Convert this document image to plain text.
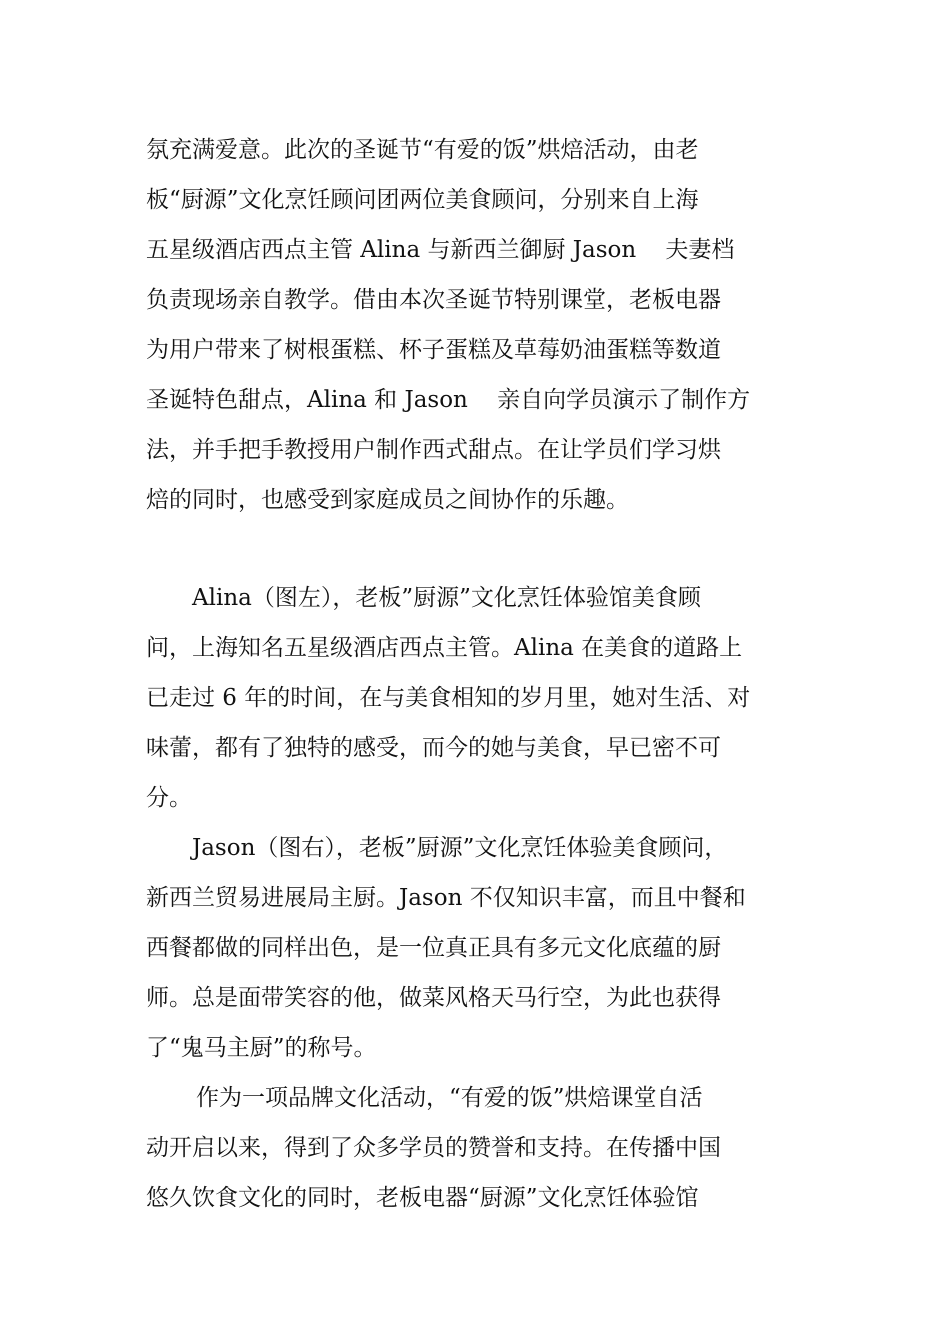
氛充满爱意。此次的圣诞节“有爱的饭”烘焙活动，由老
板“厨源”文化烹饪顾问团两位美食顾问，分别来自上海
五星级酒店西点主管 Alina 与新西兰御厨 Jason    夫妻档
负责现场亲自教学。借由本次圣诞节特别课堂，老板电器
为用户带来了树根蛋糕、杯子蛋糕及草莓奶油蛋糕等数道
圣诞特色甜点，Alina 和 Jason    亲自向学员演示了制作方
法，并手把手教授用户制作西式甜点。在让学员们学习烘
焙的同时，也感受到家庭成员之间协作的乐趣。
Alina（图左），老板”厨源”文化烹饪体验馆美食顾
问，上海知名五星级酒店西点主管。Alina 在美食的道路上
已走过 6 年的时间，在与美食相知的岁月里，她对生活、对
味蕾，都有了独特的感受，而今的她与美食，早已密不可
分。
Jason（图右），老板”厨源”文化烹饪体验美食顾问，
新西兰贸易进展局主厨。Jason 不仅知识丰富，而且中餐和
西餐都做的同样出色，是一位真正具有多元文化底蕴的厨
师。总是面带笑容的他，做菜风格天马行空，为此也获得
了“鬼马主厨”的称号。
作为一项品牌文化活动，“有爱的饭”烘焙课堂自活
动开启以来，得到了众多学员的赞誉和支持。在传播中国
悠久饮食文化的同时，老板电器“厨源”文化烹饪体验馆
